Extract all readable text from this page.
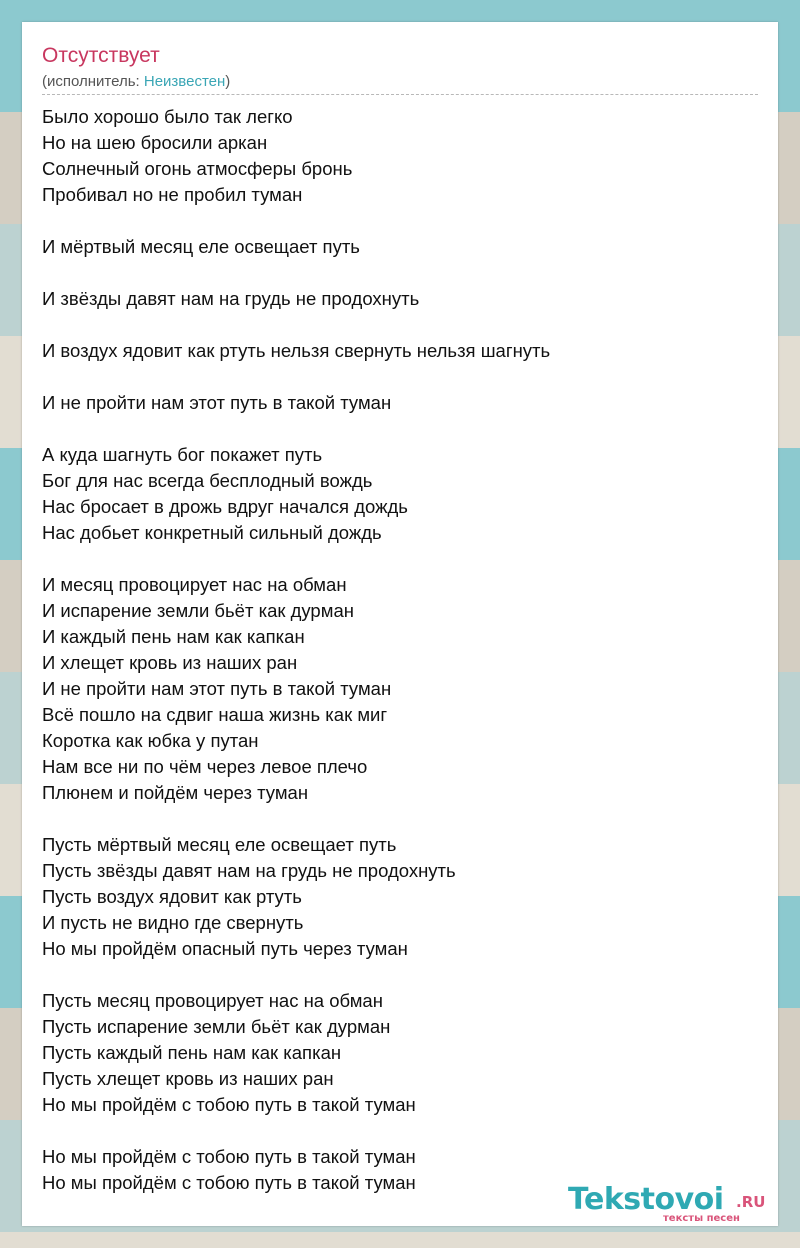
Отсутствует
(исполнитель: Неизвестен)
Было хорошо было так легко
Но на шею бросили аркан
Солнечный огонь атмосферы бронь
Пробивал но не пробил туман
И мёртвый месяц еле освещает путь
И звёзды давят нам на грудь не продохнуть
И воздух ядовит как ртуть нельзя свернуть нельзя шагнуть
И не пройти нам этот путь в такой туман
А куда шагнуть бог покажет путь
Бог для нас всегда бесплодный вождь
Нас бросает в дрожь вдруг начался дождь
Нас добьет конкретный сильный дождь
И месяц провоцирует нас на обман
И испарение земли бьёт как дурман
И каждый пень нам как капкан
И хлещет кровь из наших ран
И не пройти нам этот путь в такой туман
Всё пошло на сдвиг наша жизнь как миг
Коротка как юбка у путан
Нам все ни по чём через левое плечо
Плюнем и пойдём через туман
Пусть мёртвый месяц еле освещает путь
Пусть звёзды давят нам на грудь не продохнуть
Пусть воздух ядовит как ртуть
И пусть не видно где свернуть
Но мы пройдём опасный путь через туман
Пусть месяц провоцирует нас на обман
Пусть испарение земли бьёт как дурман
Пусть каждый пень нам как капкан
Пусть хлещет кровь из наших ран
Но мы пройдём с тобою путь в такой туман
Но мы пройдём с тобою путь в такой туман
Но мы пройдём с тобою путь в такой туман	Tekstovoi .RU
тексты песен
